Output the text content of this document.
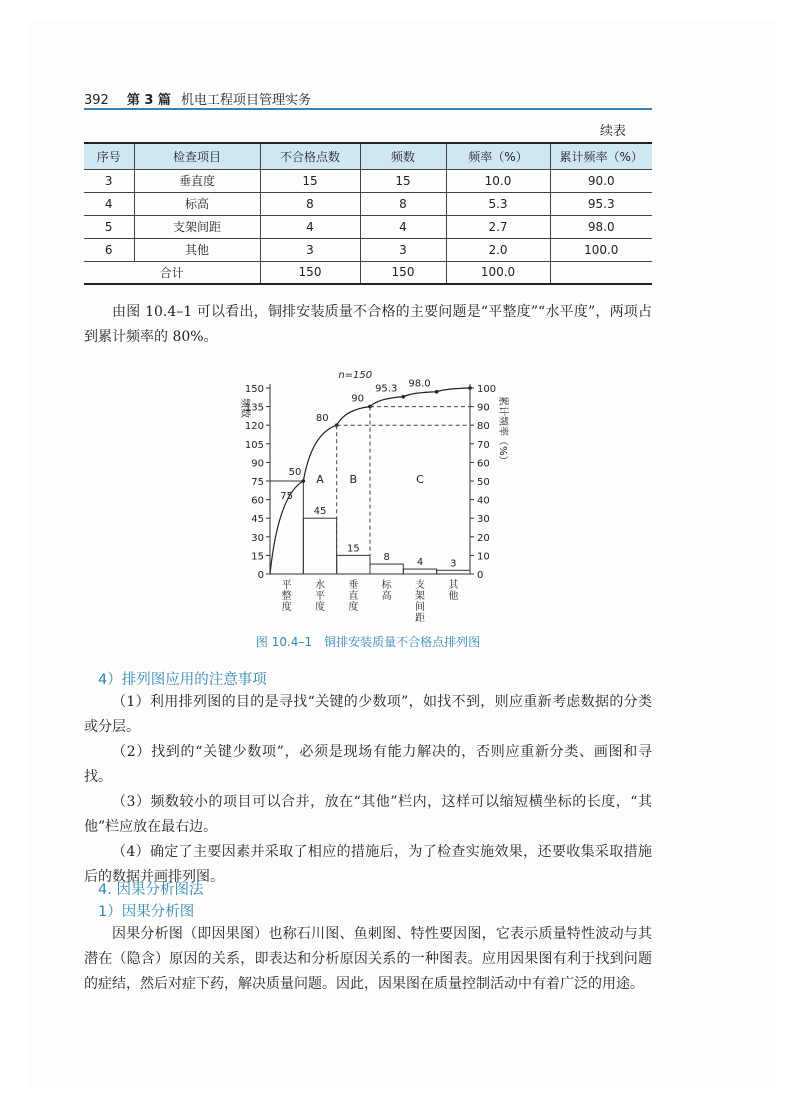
392 第 3 篇 机电工程项目管理实务
续表
序号	检查项目	不合格点数	频数	频率（%）	累计频率（%）
3	垂直度	15	15	10.0	90.0
4	标高	8	8	5.3	95.3
5	支架间距	4	4	2.7	98.0
6	其他	3	3	2.0	100.0
合计		150	150	100.0	

由图 10.4–1 可以看出，铜排安装质量不合格的主要问题是“平整度”“水平度”，两项占到累计频率的 80%。

0
15
30
45
60
75
90
105
120
135
150
0
10
20
30
40
50
60
70
80
90
100
频数	累计频率（%）
n=150
75
45
15
8	4	3
平整度
水平度
垂直度
标高
支架间距
其他
50
80
90
95.3 98.0
A B	C
图 10.4–1　铜排安装质量不合格点排列图
4）排列图应用的注意事项

（1）利用排列图的目的是寻找“关键的少数项”，如找不到，则应重新考虑数据的分类或分层。

（2）找到的“关键少数项”，必须是现场有能力解决的，否则应重新分类、画图和寻找。

（3）频数较小的项目可以合并，放在“其他”栏内，这样可以缩短横坐标的长度，“其他”栏应放在最右边。

（4）确定了主要因素并采取了相应的措施后，为了检查实施效果，还要收集采取措施后的数据并画排列图。

4. 因果分析图法
1）因果分析图

因果分析图（即因果图）也称石川图、鱼刺图、特性要因图，它表示质量特性波动与其潜在（隐含）原因的关系，即表达和分析原因关系的一种图表。应用因果图有利于找到问题的症结，然后对症下药，解决质量问题。因此，因果图在质量控制活动中有着广泛的用途。
